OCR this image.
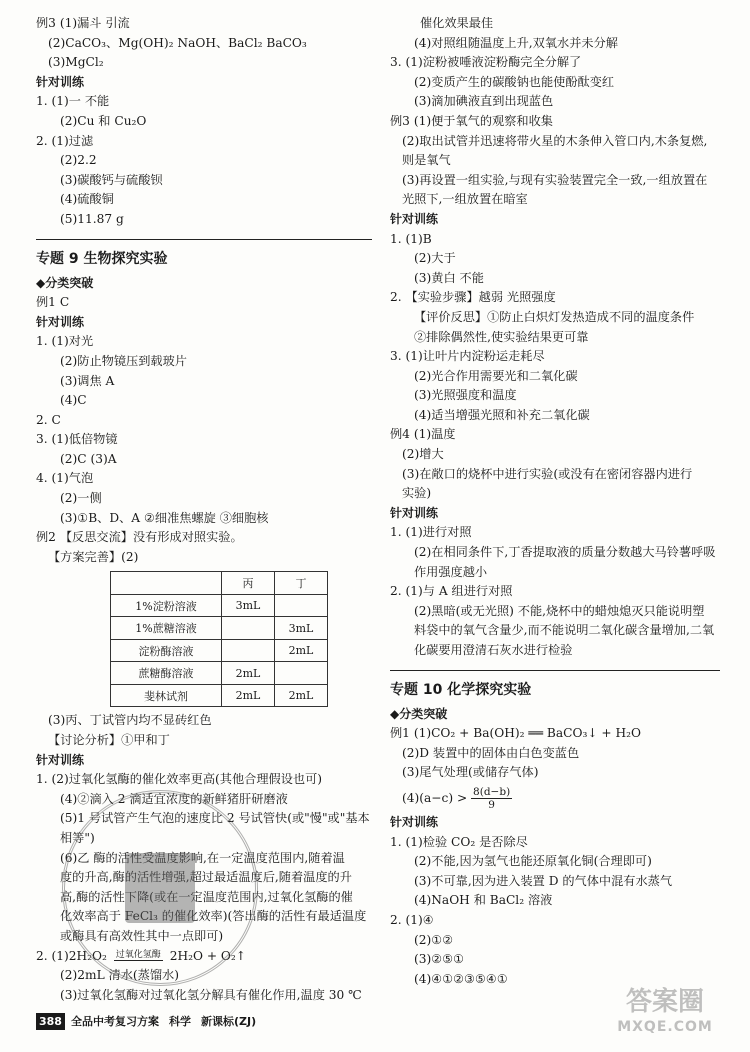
例3 (1)漏斗 引流
(2)CaCO₃、Mg(OH)₂ NaOH、BaCl₂ BaCO₃
(3)MgCl₂
针对训练
1. (1)一 不能
(2)Cu 和 Cu₂O
2. (1)过滤
(2)2.2
(3)碳酸钙与硫酸钡
(4)硫酸铜
(5)11.87 g
专题 9 生物探究实验
◆分类突破
例1 C
针对训练
1. (1)对光
(2)防止物镜压到载玻片
(3)调焦 A
(4)C
2. C
3. (1)低倍物镜
(2)C (3)A
4. (1)气泡
(2)一侧
(3)①B、D、A ②细准焦螺旋 ③细胞核
例2 【反思交流】没有形成对照实验。
【方案完善】(2)
	丙	丁
1%淀粉溶液	3mL	
1%蔗糖溶液		3mL
淀粉酶溶液		2mL
蔗糖酶溶液	2mL	
斐林试剂	2mL	2mL
(3)丙、丁试管内均不显砖红色
【讨论分析】①甲和丁
针对训练
1. (2)过氧化氢酶的催化效率更高(其他合理假设也可)
(4)②滴入 2 滴适宜浓度的新鲜猪肝研磨液
(5)1 号试管产生气泡的速度比 2 号试管快(或"慢"或"基本
相等")
(6)乙 酶的活性受温度影响,在一定温度范围内,随着温
度的升高,酶的活性增强,超过最适温度后,随着温度的升
高,酶的活性下降(或在一定温度范围内,过氧化氢酶的催
化效率高于 FeCl₃ 的催化效率)(答出酶的活性有最适温度
或酶具有高效性其中一点即可)
2. (1)2H₂O₂ 过氧化氢酶 2H₂O + O₂↑
(2)2mL 清水(蒸馏水)
(3)过氧化氢酶对过氧化氢分解具有催化作用,温度 30 ℃
催化效果最佳
(4)对照组随温度上升,双氧水并未分解
3. (1)淀粉被唾液淀粉酶完全分解了
(2)变质产生的碳酸钠也能使酚酞变红
(3)滴加碘液直到出现蓝色
例3 (1)便于氧气的观察和收集
(2)取出试管并迅速将带火星的木条伸入管口内,木条复燃,
则是氧气
(3)再设置一组实验,与现有实验装置完全一致,一组放置在
光照下,一组放置在暗室
针对训练
1. (1)B
(2)大于
(3)黄白 不能
2. 【实验步骤】越弱 光照强度
【评价反思】①防止白炽灯发热造成不同的温度条件
②排除偶然性,使实验结果更可靠
3. (1)让叶片内淀粉运走耗尽
(2)光合作用需要光和二氧化碳
(3)光照强度和温度
(4)适当增强光照和补充二氧化碳
例4 (1)温度
(2)增大
(3)在敞口的烧杯中进行实验(或没有在密闭容器内进行
实验)
针对训练
1. (1)进行对照
(2)在相同条件下,丁香提取液的质量分数越大马铃薯呼吸
作用强度越小
2. (1)与 A 组进行对照
(2)黑暗(或无光照) 不能,烧杯中的蜡烛熄灭只能说明塑
料袋中的氧气含量少,而不能说明二氧化碳含量增加,二氧
化碳要用澄清石灰水进行检验
专题 10 化学探究实验
◆分类突破
例1 (1)CO₂ + Ba(OH)₂ ══ BaCO₃↓ + H₂O
(2)D 装置中的固体由白色变蓝色
(3)尾气处理(或储存气体)
$(4)(a-c) > \frac{8(d-b)}{9}$
针对训练
1. (1)检验 CO₂ 是否除尽
(2)不能,因为氢气也能还原氧化铜(合理即可)
(3)不可靠,因为进入装置 D 的气体中混有水蒸气
(4)NaOH 和 BaCl₂ 溶液
2. (1)④
(2)①②
(3)②⑤①
(4)④①②③⑤④①
答案圈
MXQE.COM
388 全品中考复习方案 科学 新课标(ZJ)
